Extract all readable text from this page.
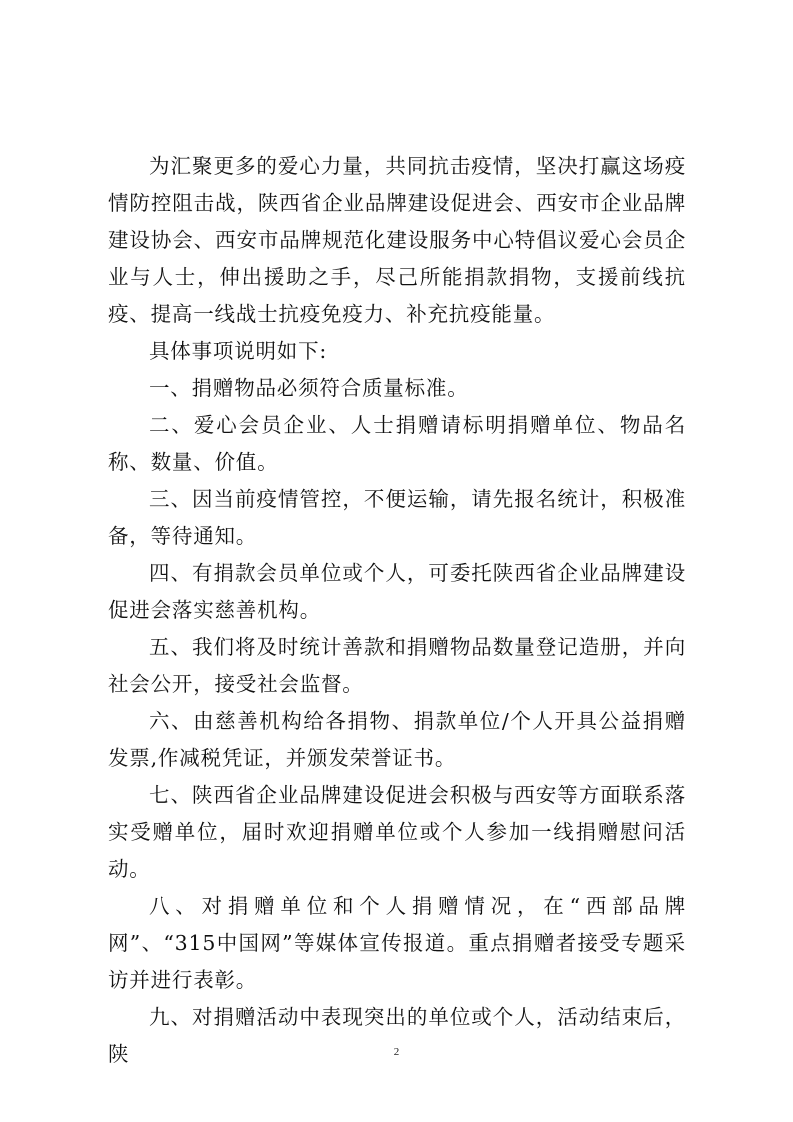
为汇聚更多的爱心力量，共同抗击疫情，坚决打赢这场疫情防控阻击战，陕西省企业品牌建设促进会、西安市企业品牌建设协会、西安市品牌规范化建设服务中心特倡议爱心会员企业与人士，伸出援助之手，尽己所能捐款捐物，支援前线抗疫、提高一线战士抗疫免疫力、补充抗疫能量。

具体事项说明如下:

一、捐赠物品必须符合质量标准。

二、爱心会员企业、人士捐赠请标明捐赠单位、物品名称、数量、价值。

三、因当前疫情管控，不便运输，请先报名统计，积极准备，等待通知。

四、有捐款会员单位或个人，可委托陕西省企业品牌建设促进会落实慈善机构。

五、我们将及时统计善款和捐赠物品数量登记造册，并向社会公开，接受社会监督。

六、由慈善机构给各捐物、捐款单位/个人开具公益捐赠发票,作减税凭证，并颁发荣誉证书。

七、陕西省企业品牌建设促进会积极与西安等方面联系落实受赠单位，届时欢迎捐赠单位或个人参加一线捐赠慰问活动。

八、对捐赠单位和个人捐赠情况，在“西部品牌网”、“315中国网”等媒体宣传报道。重点捐赠者接受专题采访并进行表彰。

九、对捐赠活动中表现突出的单位或个人，活动结束后，陕	2
